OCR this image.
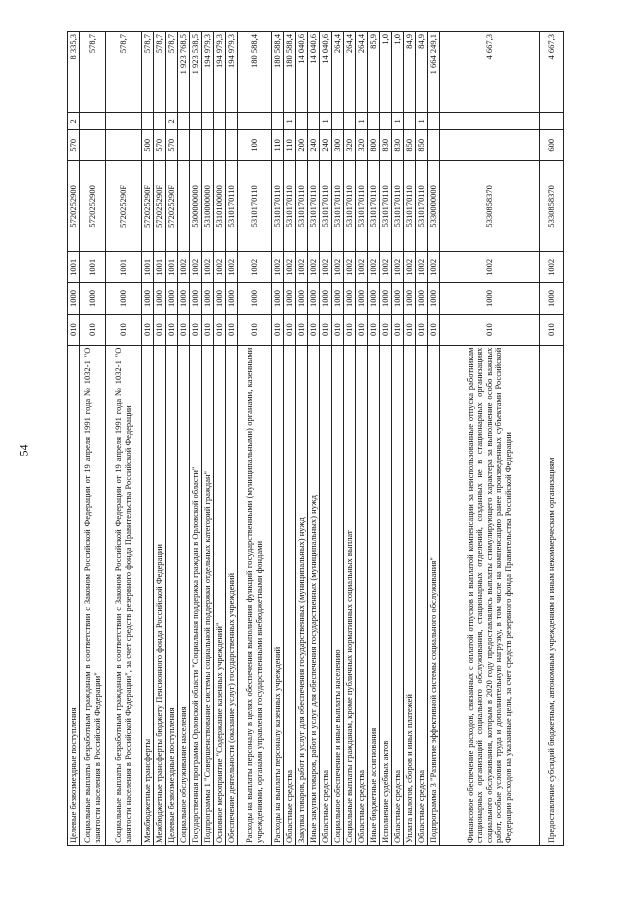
54
Целевые безвозмездные поступления	010	1000	1001	5720252900	570	2	8 335,3
Социальные выплаты безработным гражданам в соответствии с Законом Российской Федерации от 19 апреля 1991 года № 1032-1 "О занятости населения в Российской Федерации"	010	1000	1001	5720252900			578,7
Социальные выплаты безработным гражданам в соответствии с Законом Российской Федерации от 19 апреля 1991 года № 1032-1 "О занятости населения в Российской Федерации", за счет средств резервного фонда Правительства Российской Федерации	010	1000	1001	572025290F			578,7
Межбюджетные трансферты	010	1000	1001	572025290F	500		578,7
Межбюджетные трансферты бюджету Пенсионного фонда Российской Федерации	010	1000	1001	572025290F	570		578,7
Целевые безвозмездные поступления	010	1000	1001	572025290F	570	2	578,7
Социальное обслуживание населения	010	1000	1002				1 923 768,5
Государственная программа Орловской области "Социальная поддержка граждан в Орловской области"	010	1000	1002	5300000000			1 923 538,5
Подпрограмма 1 "Совершенствование системы социальной поддержки отдельных категорий граждан"	010	1000	1002	5310000000			194 979,3
Основное мероприятие "Содержание казенных учреждений"	010	1000	1002	5310100000			194 979,3
Обеспечение деятельности (оказание услуг) государственных учреждений	010	1000	1002	5310170110			194 979,3
Расходы на выплаты персоналу в целях обеспечения выполнения функций государственными (муниципальными) органами, казенными учреждениями, органами управления государственными внебюджетными фондами	010	1000	1002	5310170110	100		180 588,4
Расходы на выплаты персоналу казенных учреждений	010	1000	1002	5310170110	110		180 588,4
Областные средства	010	1000	1002	5310170110	110	1	180 588,4
Закупка товаров, работ и услуг для обеспечения государственных (муниципальных) нужд	010	1000	1002	5310170110	200		14 040,6
Иные закупки товаров, работ и услуг для обеспечения государственных (муниципальных) нужд	010	1000	1002	5310170110	240		14 040,6
Областные средства	010	1000	1002	5310170110	240	1	14 040,6
Социальное обеспечение и иные выплаты населению	010	1000	1002	5310170110	300		264,4
Социальные выплаты гражданам, кроме публичных нормативных социальных выплат	010	1000	1002	5310170110	320		264,4
Областные средства	010	1000	1002	5310170110	320	1	264,4
Иные бюджетные ассигнования	010	1000	1002	5310170110	800		85,9
Исполнение судебных актов	010	1000	1002	5310170110	830		1,0
Областные средства	010	1000	1002	5310170110	830	1	1,0
Уплата налогов, сборов и иных платежей	010	1000	1002	5310170110	850		84,9
Областные средства	010	1000	1002	5310170110	850	1	84,9
Подпрограмма 3 "Развитие эффективной системы социального обслуживания"	010	1000	1002	5330000000			1 664 249,1
Финансовое обеспечение расходов, связанных с оплатой отпусков и выплатой компенсации за неиспользованные отпуска работникам стационарных организаций социального обслуживания, стационарных отделений, созданных не в стационарных организациях социального обслуживания, которым в 2020 году предоставлялись выплаты стимулирующего характера за выполнение особо важных работ, особые условия труда и дополнительную нагрузку, в том числе на компенсацию ранее произведенных субъектами Российской Федерации расходов на указанные цели, за счет средств резервного фонда Правительства Российской Федерации	010	1000	1002	5330858370			4 667,3
Предоставление субсидий бюджетным, автономным учреждениям и иным некоммерческим организациям	010	1000	1002	5330858370	600		4 667,3
